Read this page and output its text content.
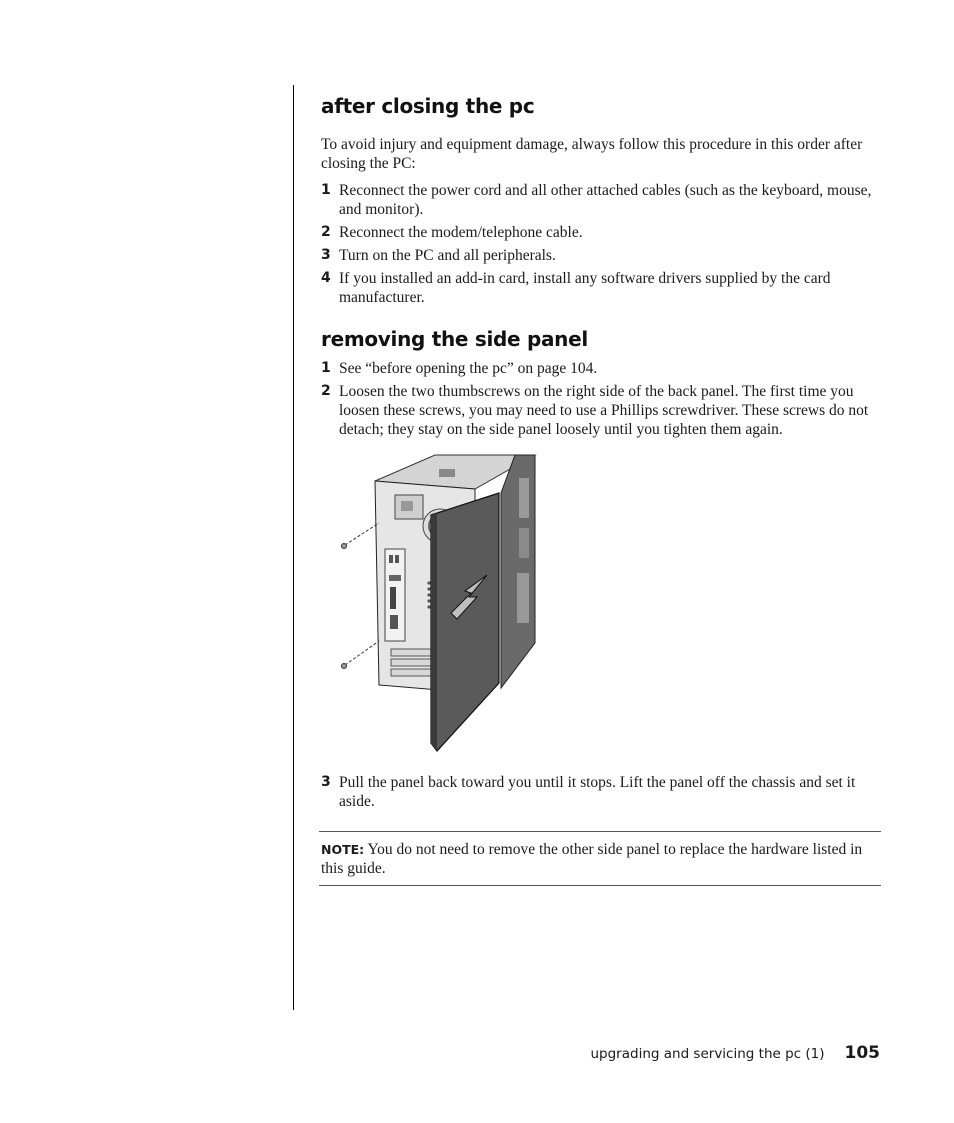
after closing the pc

To avoid injury and equipment damage, always follow this procedure in this order after closing the PC:

1 Reconnect the power cord and all other attached cables (such as the keyboard, mouse, and monitor).
2 Reconnect the modem/telephone cable.
3 Turn on the PC and all peripherals.
4 If you installed an add-in card, install any software drivers supplied by the card manufacturer.
removing the side panel
1 See “before opening the pc” on page 104.
2 Loosen the two thumbscrews on the right side of the back panel. The first time you loosen these screws, you may need to use a Phillips screwdriver. These screws do not detach; they stay on the side panel loosely until you tighten them again.
3 Pull the panel back toward you until it stops. Lift the panel off the chassis and set it aside.

NOTE: You do not need to remove the other side panel to replace the hardware listed in this guide.

upgrading and servicing the pc (1) 105
